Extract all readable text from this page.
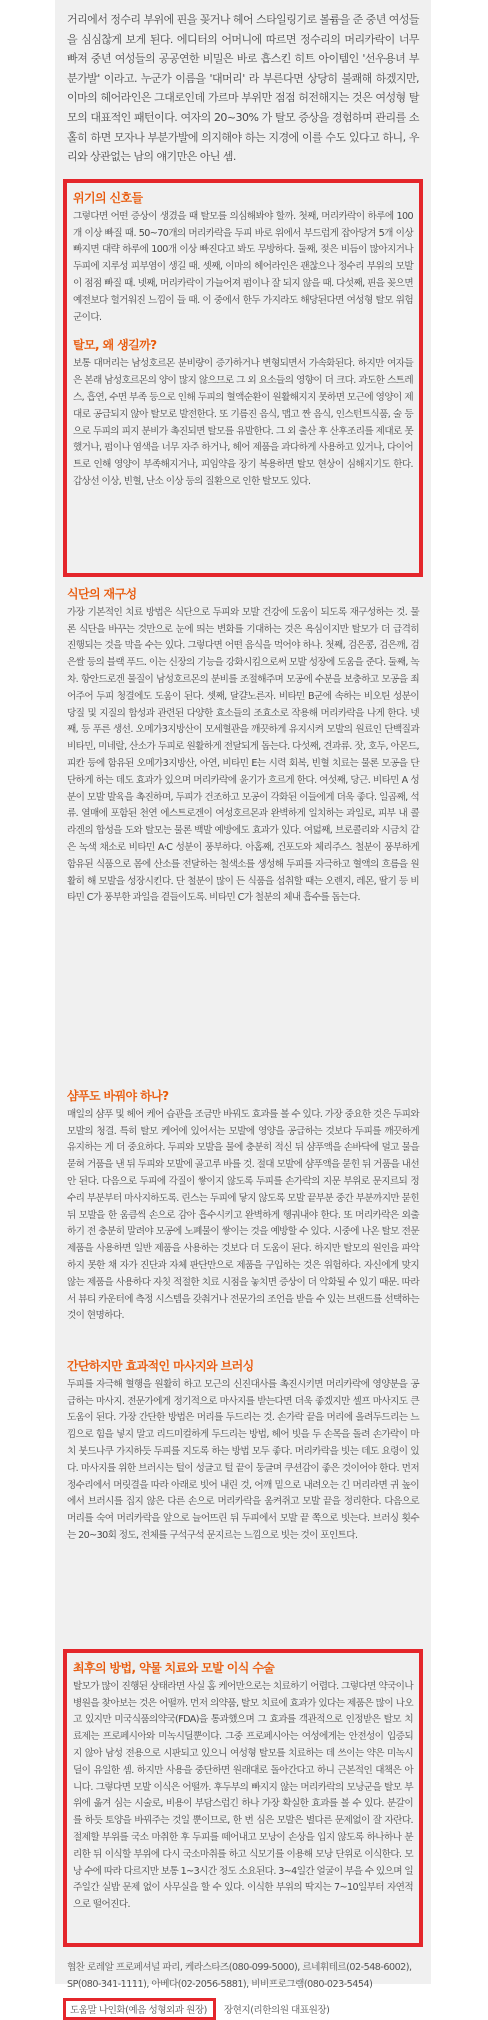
거리에서 정수리 부위에 핀을 꽂거나 헤어 스타일링기로 볼륨을 준 중년 여성들을 심심찮게 보게 된다. 에디터의 어머니에 따르면 정수리의 머리카락이 너무 빠져 중년 여성들의 공공연한 비밀은 바로 흡스킨 히트 아이템인 '선우용녀 부분가발' 이라고. 누군가 이름을 '대머리' 라 부른다면 상당히 불쾌해 하겠지만, 이마의 헤어라인은 그대로인데 가르마 부위만 점점 허전해지는 것은 여성형 탈모의 대표적인 패턴이다. 여자의 20~30% 가 탈모 증상을 경험하며 관리를 소홀히 하면 모자나 부분가발에 의지해야 하는 지경에 이를 수도 있다고 하니, 우리와 상관없는 남의 얘기만은 아닌 셈.

위기의 신호들

그렇다면 어떤 증상이 생겼을 때 탈모를 의심해봐야 할까. 첫째, 머리카락이 하루에 100개 이상 빠질 때. 50~70개의 머리카락을 두피 바로 위에서 부드럽게 잡아당겨 5개 이상 빠지면 대략 하루에 100개 이상 빠진다고 봐도 무방하다. 둘째, 젖은 비듬이 많아지거나 두피에 지루성 피부염이 생길 때. 셋째, 이마의 헤어라인은 괜찮으나 정수리 부위의 모발이 점점 빠질 때. 넷째, 머리카락이 가늘어져 펌이나 잘 되지 않을 때. 다섯째, 핀을 꽂으면 예전보다 헐거워진 느낌이 들 때. 이 중에서 한두 가지라도 해당된다면 여성형 탈모 위험군이다.

탈모, 왜 생길까?

보통 대머리는 남성호르몬 분비량이 증가하거나 변형되면서 가속화된다. 하지만 여자들은 본래 남성호르몬의 양이 많지 않으므로 그 외 요소들의 영향이 더 크다. 과도한 스트레스, 흡연, 수면 부족 등으로 인해 두피의 혈액순환이 원활해지지 못하면 모근에 영양이 제대로 공급되지 않아 탈모로 발전한다. 또 기름진 음식, 맵고 짠 음식, 인스턴트식품, 술 등으로 두피의 피지 분비가 촉진되면 탈모를 유발한다. 그 외 출산 후 산후조리를 제대로 못 했거나, 펌이나 염색을 너무 자주 하거나, 헤어 제품을 과다하게 사용하고 있거나, 다이어트로 인해 영양이 부족해지거나, 피임약을 장기 복용하면 탈모 현상이 심해지기도 한다. 갑상선 이상, 빈혈, 난소 이상 등의 질환으로 인한 탈모도 있다.

식단의 재구성

가장 기본적인 치료 방법은 식단으로 두피와 모발 건강에 도움이 되도록 재구성하는 것. 물론 식단을 바꾸는 것만으로 눈에 띄는 변화를 기대하는 것은 욕심이지만 탈모가 더 급격히 진행되는 것을 막을 수는 있다. 그렇다면 어떤 음식을 먹어야 하나. 첫째, 검은콩, 검은깨, 검은쌀 등의 블랙 푸드. 이는 신장의 기능을 강화시킴으로써 모발 성장에 도움을 준다. 둘째, 녹차. 항안드로겐 물질이 남성호르몬의 분비를 조절해주며 모공에 수분을 보충하고 모공을 죄어주어 두피 청결에도 도움이 된다. 셋째, 달걀노른자. 비타민 B군에 속하는 비오틴 성분이 당질 및 지질의 합성과 관련된 다양한 효소들의 조효소로 작용해 머리카락을 나게 한다. 넷째, 등 푸른 생선. 오메가3지방산이 모세혈관을 깨끗하게 유지시켜 모발의 원료인 단백질과 비타민, 미네랄, 산소가 두피로 원활하게 전달되게 돕는다. 다섯째, 견과류. 잣, 호두, 아몬드, 피칸 등에 함유된 오메가3지방산, 아연, 비타민 E는 시력 회복, 빈혈 치료는 물론 모공을 단단하게 하는 데도 효과가 있으며 머리카락에 윤기가 흐르게 한다. 여섯째, 당근. 비타민 A 성분이 모발 발육을 촉진하며, 두피가 건조하고 모공이 각화된 이들에게 더욱 좋다. 일곱째, 석류. 열매에 포함된 천연 에스트로겐이 여성호르몬과 완벽하게 일치하는 과일로, 피부 내 콜라겐의 합성을 도와 탈모는 물론 백발 예방에도 효과가 있다. 여덟째, 브로콜리와 시금치 같은 녹색 채소로 비타민 A·C 성분이 풍부하다. 아홉째, 건포도와 체리주스. 철분이 풍부하게 함유된 식품으로 몸에 산소를 전달하는 철색소를 생성해 두피를 자극하고 혈액의 흐름을 원활히 해 모발을 성장시킨다. 단 철분이 많이 든 식품을 섭취할 때는 오렌지, 레몬, 딸기 등 비타민 C가 풍부한 과일을 곁들이도록. 비타민 C가 철분의 체내 흡수를 돕는다.

샴푸도 바꿔야 하나?

매일의 샴푸 및 헤어 케어 습관을 조금만 바꿔도 효과를 볼 수 있다. 가장 중요한 것은 두피와 모발의 청결. 특히 탈모 케어에 있어서는 모발에 영양을 공급하는 것보다 두피를 깨끗하게 유지하는 게 더 중요하다. 두피와 모발을 물에 충분히 적신 뒤 샴푸액을 손바닥에 덜고 물을 묻혀 거품을 낸 뒤 두피와 모발에 골고루 바를 것. 절대 모발에 샴푸액을 묻힌 뒤 거품을 내선 안 된다. 다음으로 두피에 각질이 쌓이지 않도록 두피를 손가락의 지문 부위로 문지르되 정수리 부분부터 마사지하도록. 린스는 두피에 닿지 않도록 모발 끝부분 중간 부분까지만 묻힌 뒤 모발을 한 움큼씩 손으로 감아 흡수시키고 완벽하게 헹궈내야 한다. 또 머리카락은 외출하기 전 충분히 말려야 모공에 노폐물이 쌓이는 것을 예방할 수 있다. 시중에 나온 탈모 전문 제품을 사용하면 일반 제품을 사용하는 것보다 더 도움이 된다. 하지만 탈모의 원인을 파악하지 못한 채 자가 진단과 자체 판단만으로 제품을 구입하는 것은 위험하다. 자신에게 맞지 않는 제품을 사용하다 자칫 적절한 치료 시점을 놓치면 증상이 더 악화될 수 있기 때문. 따라서 뷰티 카운터에 측정 시스템을 갖춰거나 전문가의 조언을 받을 수 있는 브랜드를 선택하는 것이 현명하다.

간단하지만 효과적인 마사지와 브러싱

두피를 자극해 혈행을 원활히 하고 모근의 신진대사를 촉진시키면 머리카락에 영양분을 공급하는 마사지. 전문가에게 정기적으로 마사지를 받는다면 더욱 좋겠지만 셀프 마사지도 큰 도움이 된다. 가장 간단한 방법은 머리를 두드리는 것. 손가락 끝을 머리에 올려두드리는 느낌으로 힘을 넣지 말고 리드미컬하게 두드리는 방법, 헤어 빗을 두 손목을 돌려 손가락이 마치 붓드나쿠 가지하듯 두피를 지도록 하는 방법 모두 좋다. 머리카락을 빗는 데도 요령이 있다. 마사지를 위한 브러시는 털이 성글고 털 끝이 둥글며 쿠션감이 좋은 것이어야 한다. 먼저 정수리에서 머릿결을 따라 아래로 빗어 내린 것, 어깨 밑으로 내려오는 긴 머리라면 귀 높이에서 브러시를 집지 않은 다른 손으로 머리카락을 움켜쥐고 모발 끝을 정리한다. 다음으로 머리를 숙여 머리카락을 앞으로 늘어뜨린 뒤 두피에서 모발 끝 쪽으로 빗는다. 브러싱 횟수는 20~30회 정도, 전체를 구석구석 문지르는 느낌으로 빗는 것이 포인트다.

최후의 방법, 약물 치료와 모발 이식 수술

탈모가 많이 진행된 상태라면 사실 홈 케어만으로는 치료하기 어렵다. 그렇다면 약국이나 병원을 찾아보는 것은 어떨까. 먼저 의약품, 탈모 치료에 효과가 있다는 제품은 많이 나오고 있지만 미국식품의약국(FDA)을 통과했으며 그 효과를 객관적으로 인정받은 탈모 치료제는 프로페시아와 미녹시딜뿐이다. 그중 프로페시아는 여성에게는 안전성이 입증되지 않아 남성 전용으로 시판되고 있으니 여성형 탈모를 치료하는 데 쓰이는 약은 미녹시딜이 유일한 셈. 하지만 사용을 중단하면 원래대로 돌아간다고 하니 근본적인 대책은 아니다. 그렇다면 모발 이식은 어떨까. 후두부의 빠지지 않는 머리카락의 모낭군을 탈모 부위에 옮겨 심는 시술로, 비용이 부담스럽긴 하나 가장 확실한 효과를 볼 수 있다. 분갈이를 하듯 토양을 바꿔주는 것일 뿐이므로, 한 번 심은 모발은 별다른 문제없이 잘 자란다. 절제할 부위를 국소 마취한 후 두피를 떼어내고 모낭이 손상을 입지 않도록 하나하나 분리한 뒤 이식할 부위에 다시 국소마취를 하고 식모기를 이용해 모낭 단위로 이식한다. 모낭 수에 따라 다르지만 보통 1~3시간 정도 소요된다. 3~4일간 얼굴이 부을 수 있으며 일주일간 실밥 문제 없이 사무실을 할 수 있다. 이식한 부위의 딱지는 7~10일부터 자연적으로 떨어진다.

협찬 로레알 프로페셔널 파리, 케라스타즈(080-099-5000), 르네휘테르(02-548-6002), SP(080-341-1111), 아베다(02-2056-5881), 비비프로그램(080-023-5454)
도움말 나인화(예음 성형외과 원장)	장현지(리한의원 대표원장)
